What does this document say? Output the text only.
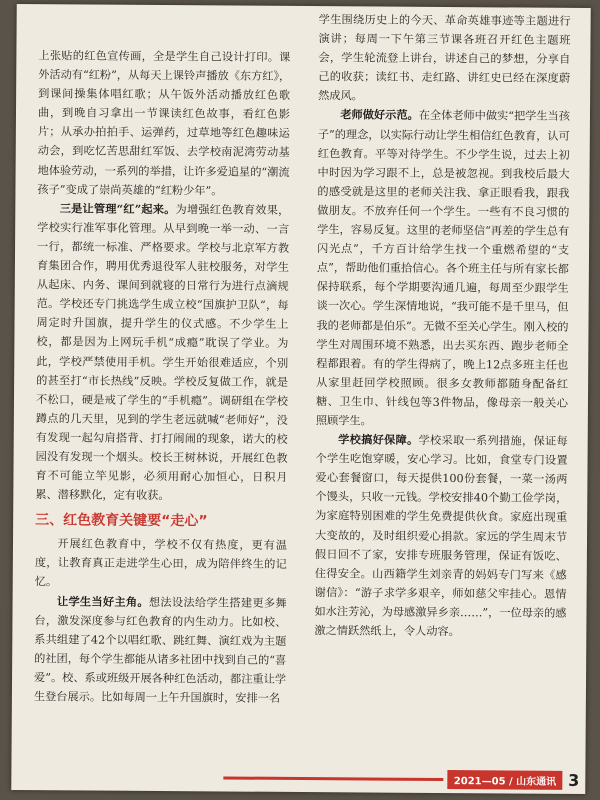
上张贴的红色宣传画，全是学生自己设计打印。课外活动有“红粉”，从每天上课铃声播放《东方红》，到课间操集体唱红歌；从午饭外活动播放红色歌曲，到晚自习拿出一节课读红色故事，看红色影片；从承办拍拍手、运弹药，过草地等红色趣味运动会，到吃忆苦思甜红军饭、去学校南泥湾劳动基地体验劳动，一系列的举措，让许多爱追星的“潮流孩子”变成了崇尚英雄的“红粉少年”。

三是让管理“红”起来。为增强红色教育效果，学校实行准军事化管理。从早到晚一举一动、一言一行，都统一标准、严格要求。学校与北京军方教育集团合作，聘用优秀退役军人驻校服务，对学生从起床、内务、课间到就寝的日常行为进行点滴规范。学校还专门挑选学生成立校“国旗护卫队”，每周定时升国旗，提升学生的仪式感。不少学生上校，都是因为上网玩手机“成瘾”耽误了学业。为此，学校严禁使用手机。学生开始很难适应，个别的甚至打“市长热线”反映。学校反复做工作，就是不松口，硬是戒了学生的“手机瘾”。调研组在学校蹲点的几天里，见到的学生老远就喊“老师好”，没有发现一起勾肩搭背、打打闹闹的现象，诺大的校园没有发现一个烟头。校长王树林说，开展红色教育不可能立竿见影，必须用耐心加恒心，日积月累、潜移默化，定有收获。

三、红色教育关键要“走心”

开展红色教育中，学校不仅有热度，更有温度，让教育真正走进学生心田，成为陪伴终生的记忆。

让学生当好主角。想法设法给学生搭建更多舞台，激发深度参与红色教育的内生动力。比如校、系共组建了42个以唱红歌、跳红舞、演红戏为主题的社团，每个学生都能从诸多社团中找到自己的“喜爱”。校、系或班级开展各种红色活动，都注重让学生登台展示。比如每周一上午升国旗时，安排一名

学生围绕历史上的今天、革命英雄事迹等主题进行演讲；每周一下午第三节课各班召开红色主题班会，学生轮流登上讲台，讲述自己的梦想，分享自己的收获；读红书、走红路、讲红史已经在深度蔚然成风。

老师做好示范。在全体老师中做实“把学生当孩子”的理念，以实际行动让学生相信红色教育，认可红色教育。平等对待学生。不少学生说，过去上初中时因为学习跟不上，总是被忽视。到我校后最大的感受就是这里的老师关注我、拿正眼看我，跟我做朋友。不放弃任何一个学生。一些有不良习惯的学生，容易反复。这里的老师坚信“再差的学生总有闪光点”，千方百计给学生找一个重燃希望的“支点”，帮助他们重拾信心。各个班主任与所有家长都保持联系，每个学期要沟通几遍，每周至少跟学生谈一次心。学生深情地说，“我可能不是千里马，但我的老师都是伯乐”。无微不至关心学生。刚入校的学生对周围环境不熟悉，出去买东西、跑步老师全程都跟着。有的学生得病了，晚上12点多班主任也从家里赶回学校照顾。很多女教师都随身配备红糖、卫生巾、针线包等3件物品，像母亲一般关心照顾学生。

学校搞好保障。学校采取一系列措施，保证每个学生吃饱穿暖，安心学习。比如，食堂专门设置爱心套餐窗口，每天提供100份套餐，一菜一汤两个馒头，只收一元钱。学校安排40个勤工俭学岗，为家庭特别困难的学生免费提供伙食。家庭出现重大变故的，及时组织爱心捐款。家远的学生周末节假日回不了家，安排专班服务管理，保证有饭吃、住得安全。山西籍学生刘亲青的妈妈专门写来《感谢信》：“游子求学多艰辛，师如慈父牢挂心。恩情如水注芳沁，为母感激异乡亲……”，一位母亲的感激之情跃然纸上，令人动容。

2021—05 / 山东通讯 3
